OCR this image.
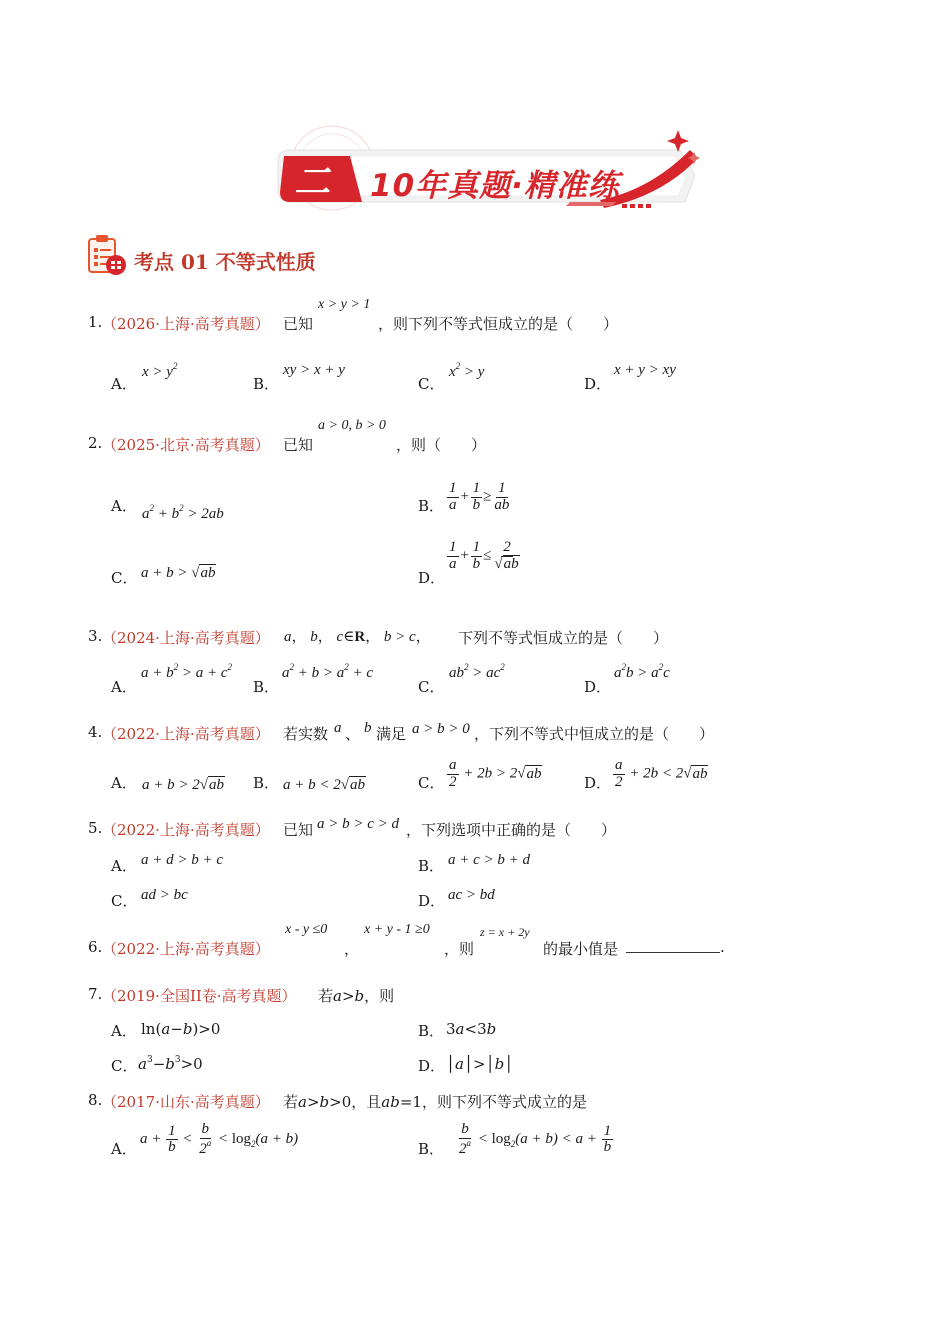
二 10年真题·精准练
考点 01 不等式性质
1. （2026·上海·高考真题） 已知
x > y > 1
，则下列不等式恒成立的是（　　）
A．
$x > y^2$
B．
xy > x + y
C．
$x^2 > y$
D．
x + y > xy
2. （2025·北京·高考真题） 已知
a > 0, b > 0
，则（　　）
A． $a^2 + b^2 > 2ab$	B． $\frac{1}{a} + \frac{1}{b} \ge \frac{1}{ab}$
C． a + b > √ab	D．
$\frac{1}{a} + \frac{1}{b} \le \frac{2}{√ab}$
3. （2024·上海·高考真题） a， b， c∈R， b > c， 下列不等式恒成立的是（　　）
A．
$a + b^2 > a + c^2$
B．
$a^2 + b > a^2 + c$
C．
$ab^2 > ac^2$
D．
$a^2b > a^2c$
4. （2022·上海·高考真题） 若实数 a 、 b 满足 a > b > 0 ，下列不等式中恒成立的是（　　）
A． a + b > 2√ab B． a + b < 2√ab	C． $\frac{a}{2} + 2b > 2√ab$
D． $\frac{a}{2} + 2b < 2√ab$
5. （2022·上海·高考真题） 已知 a > b > c > d ，下列选项中正确的是（　　）
A． a + d > b + c	B． a + c > b + d
C． ad > bc	D． ac > bd
6. （2022·上海·高考真题）
x - y ≤0
，
x + y - 1 ≥0
，则
z = x + 2y
的最小值是	.
7. （2019·全国II卷·高考真题） 若a>b，则
A． ln(a−b)>0	B． 3a<3b
C． $a^3-b^3>0$	D． │a│>│b│
8. （2017·山东·高考真题） 若a>b>0，且ab=1，则下列不等式成立的是
A．
$a + \frac{1}{b} < \frac{b}{2^a} < \log_2(a + b)$
B． $\frac{b}{2^a} < \log_2(a + b) < a + \frac{1}{b}$
